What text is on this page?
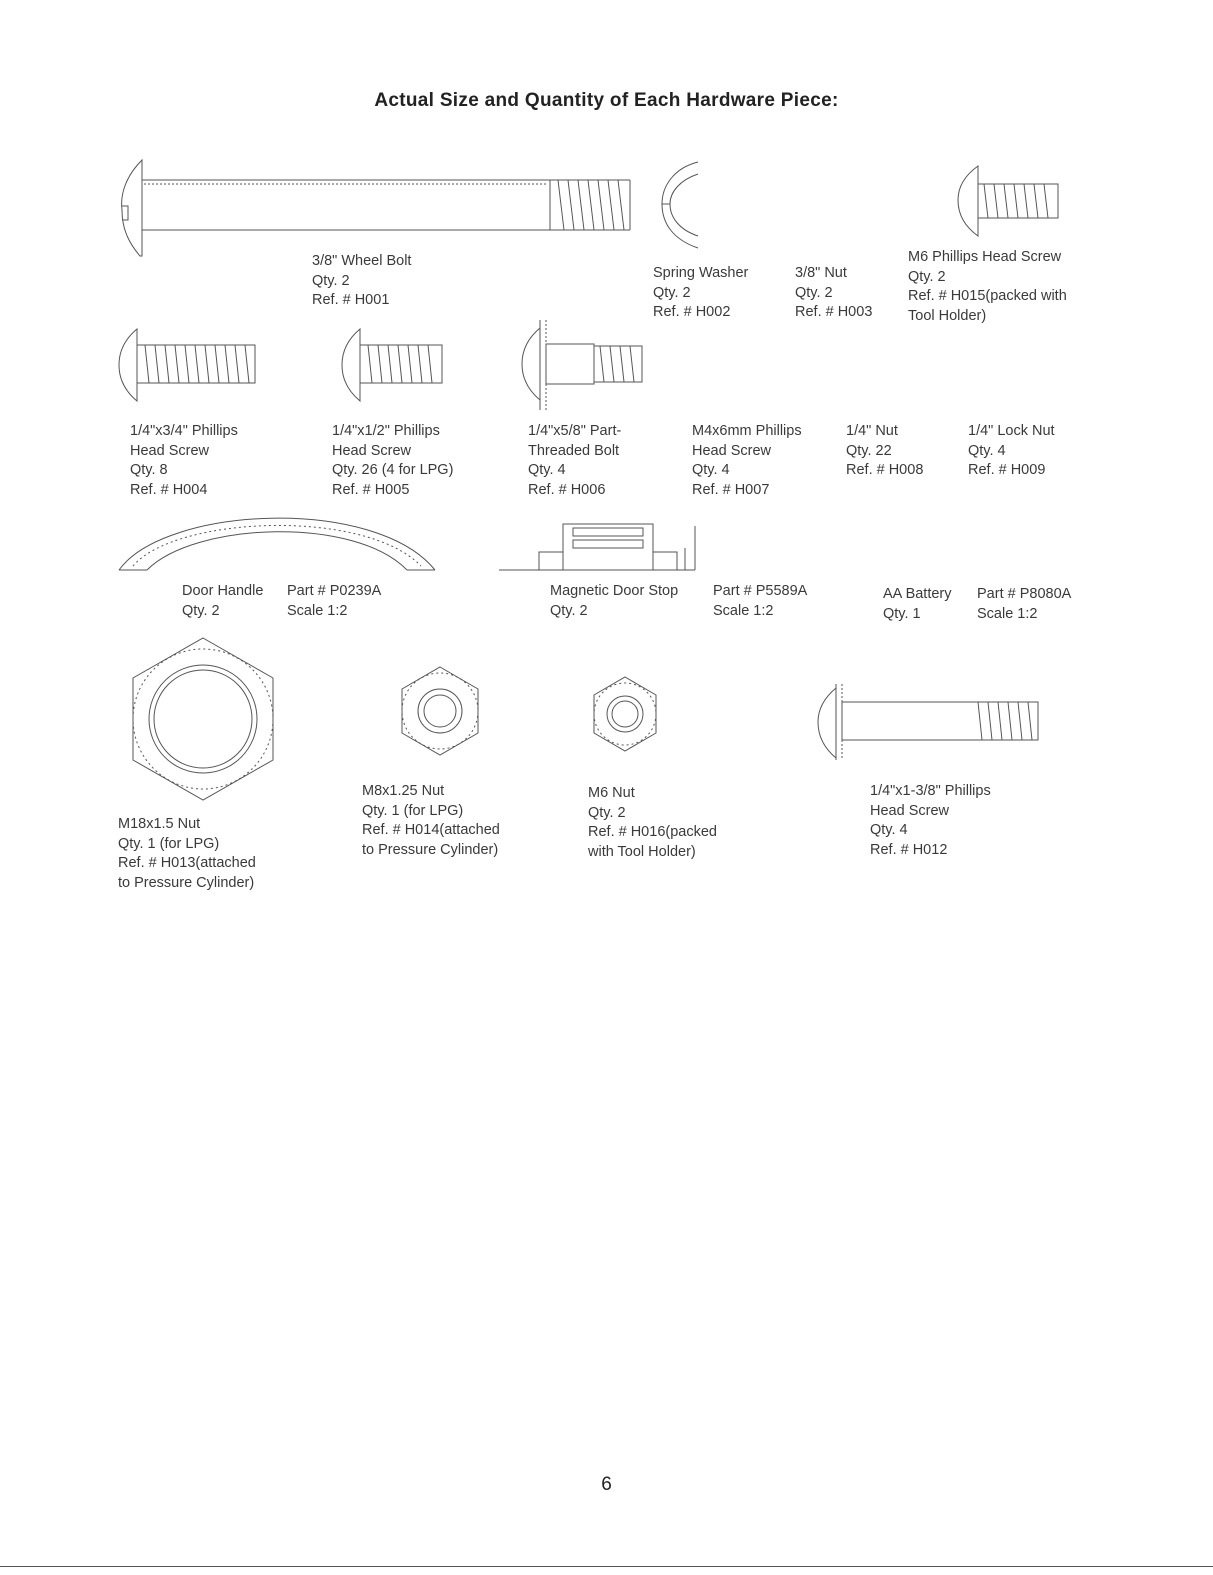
Actual Size and Quantity of Each Hardware Piece:
3/8" Wheel Bolt
Qty. 2
Ref. # H001
Spring Washer
Qty. 2
Ref. # H002
3/8" Nut
Qty. 2
Ref. # H003
M6 Phillips Head Screw
Qty. 2
Ref. # H015(packed with
Tool Holder)
1/4"x3/4" Phillips
Head Screw
Qty. 8
Ref. # H004
1/4"x1/2" Phillips
Head Screw
Qty. 26 (4 for LPG)
Ref. # H005
1/4"x5/8" Part-
Threaded Bolt
Qty. 4
Ref. # H006
M4x6mm Phillips
Head Screw
Qty. 4
Ref. # H007
1/4" Nut
Qty. 22
Ref. # H008
1/4" Lock Nut
Qty. 4
Ref. # H009
Door Handle
Qty. 2
Part # P0239A
Scale 1:2
Magnetic Door Stop
Qty. 2
Part # P5589A
Scale 1:2
AA Battery
Qty. 1
Part # P8080A
Scale 1:2
M18x1.5 Nut
Qty. 1 (for LPG)
Ref. # H013(attached
to Pressure Cylinder)
M8x1.25 Nut
Qty. 1 (for LPG)
Ref. # H014(attached
to Pressure Cylinder)
M6 Nut
Qty. 2
Ref. # H016(packed
with Tool Holder)
1/4"x1-3/8" Phillips
Head Screw
Qty. 4
Ref. # H012
6
